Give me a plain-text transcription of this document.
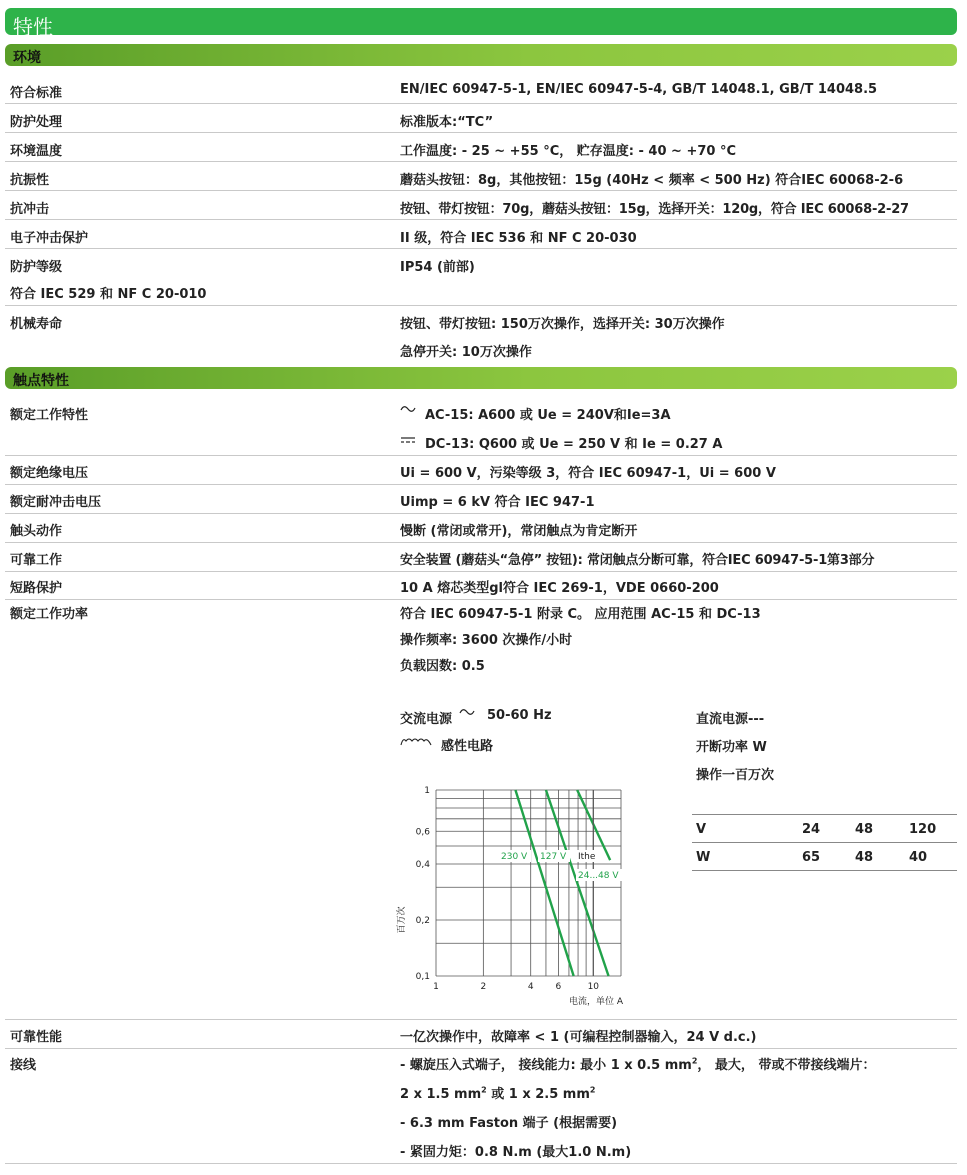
特性
环境
符合标准	EN/IEC 60947-5-1, EN/IEC 60947-5-4, GB/T 14048.1, GB/T 14048.5
防护处理	标准版本:“TC”
环境温度	工作温度: - 25 ~ +55 °C， 贮存温度: - 40 ~ +70 °C
抗振性	蘑菇头按钮：8g，其他按钮：15g (40Hz < 频率 < 500 Hz) 符合IEC 60068-2-6
抗冲击	按钮、带灯按钮：70g，蘑菇头按钮：15g，选择开关：120g，符合 IEC 60068-2-27
电子冲击保护	II 级，符合 IEC 536 和 NF C 20-030
防护等级	IP54 (前部)
符合 IEC 529 和 NF C 20-010
机械寿命	按钮、带灯按钮: 150万次操作，选择开关: 30万次操作
急停开关: 10万次操作
触点特性
额定工作特性	AC-15: A600 或 Ue = 240V和Ie=3A
DC-13: Q600 或 Ue = 250 V 和 Ie = 0.27 A
额定绝缘电压	Ui = 600 V，污染等级 3，符合 IEC 60947-1，Ui = 600 V
额定耐冲击电压	Uimp = 6 kV 符合 IEC 947-1
触头动作	慢断 (常闭或常开)，常闭触点为肯定断开
可靠工作	安全装置 (蘑菇头“急停” 按钮): 常闭触点分断可靠，符合IEC 60947-5-1第3部分
短路保护	10 A 熔芯类型gl符合 IEC 269-1，VDE 0660-200
额定工作功率	符合 IEC 60947-5-1 附录 C。 应用范围 AC-15 和 DC-13
操作频率: 3600 次操作/小时
负载因数: 0.5
交流电源	50-60 Hz
感性电路
直流电源---
开断功率 W
操作一百万次
V	24	48	120
W	65	48	40
1	2	4 6	10
0,1
0,2
0,4
0,6
1
电流，单位 A
百万次
230 V 127 V Ithe
24...48 V
可靠性能	一亿次操作中，故障率 < 1 (可编程控制器输入，24 V d.c.)
接线	- 螺旋压入式端子， 接线能力: 最小 1 x 0.5 $mm^2$， 最大， 带或不带接线端片：
2 x 1.5 $mm^2$ 或 1 x 2.5 $mm^2$
- 6.3 mm Faston 端子 (根据需要)
- 紧固力矩：0.8 N.m (最大1.0 N.m)
